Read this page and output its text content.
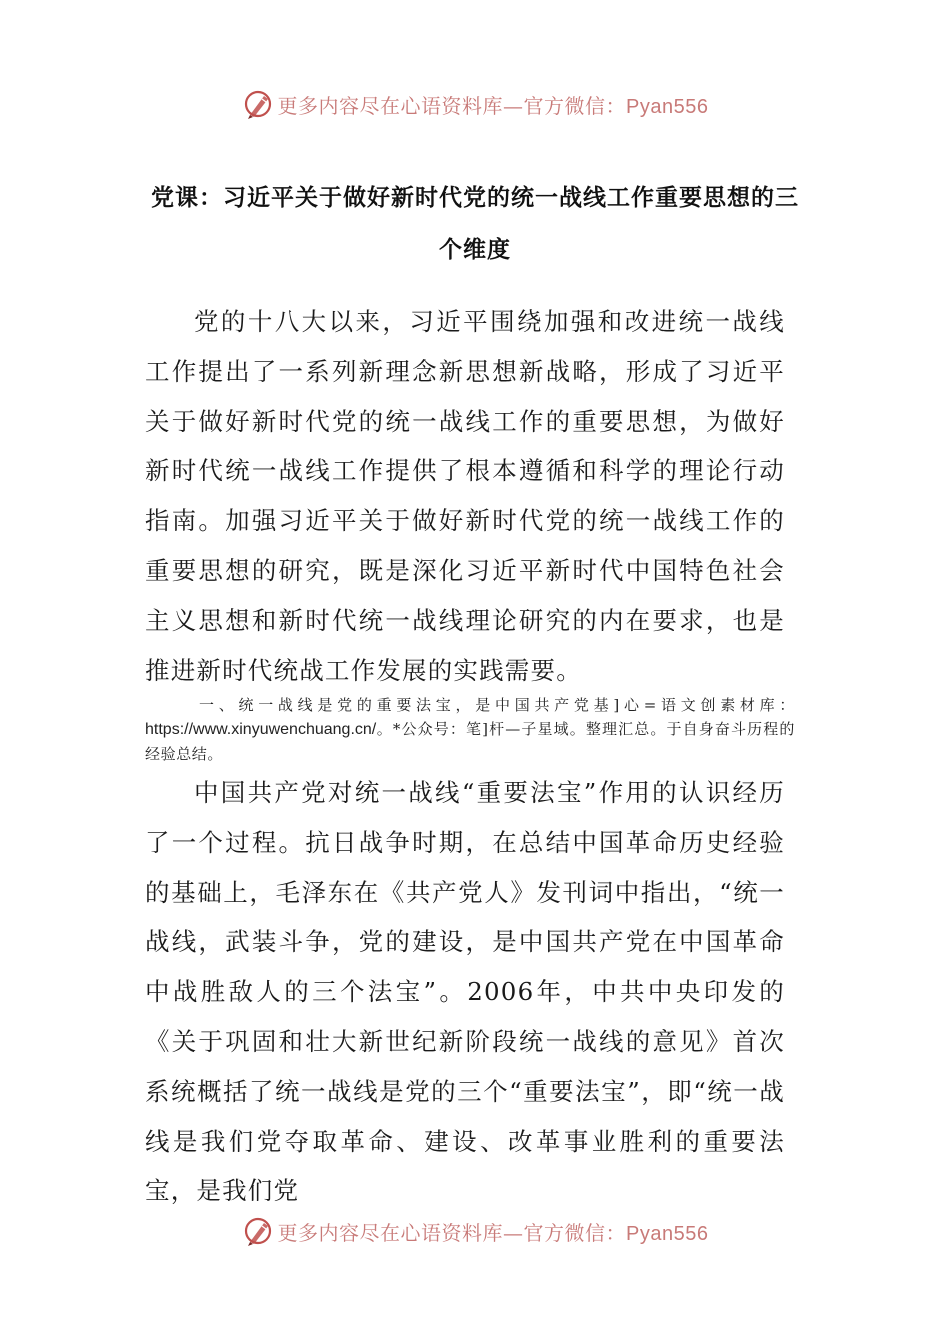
更多内容尽在心语资料库—官方微信：Pyan556
党课：习近平关于做好新时代党的统一战线工作重要思想的三个维度

党的十八大以来，习近平围绕加强和改进统一战线工作提出了一系列新理念新思想新战略，形成了习近平关于做好新时代党的统一战线工作的重要思想，为做好新时代统一战线工作提供了根本遵循和科学的理论行动指南。加强习近平关于做好新时代党的统一战线工作的重要思想的研究，既是深化习近平新时代中国特色社会主义思想和新时代统一战线理论研究的内在要求，也是推进新时代统战工作发展的实践需要。

一、统一战线是党的重要法宝，是中国共产党基]心=语文创素材库：https://www.xinyuwenchuang.cn/。*公众号：笔]杆—子星域。整理汇总。于自身奋斗历程的经验总结。

中国共产党对统一战线“重要法宝”作用的认识经历了一个过程。抗日战争时期，在总结中国革命历史经验的基础上，毛泽东在《共产党人》发刊词中指出，“统一战线，武装斗争，党的建设，是中国共产党在中国革命中战胜敌人的三个法宝”。2006年，中共中央印发的《关于巩固和壮大新世纪新阶段统一战线的意见》首次系统概括了统一战线是党的三个“重要法宝”，即“统一战线是我们党夺取革命、建设、改革事业胜利的重要法宝，是我们党

更多内容尽在心语资料库—官方微信：Pyan556
